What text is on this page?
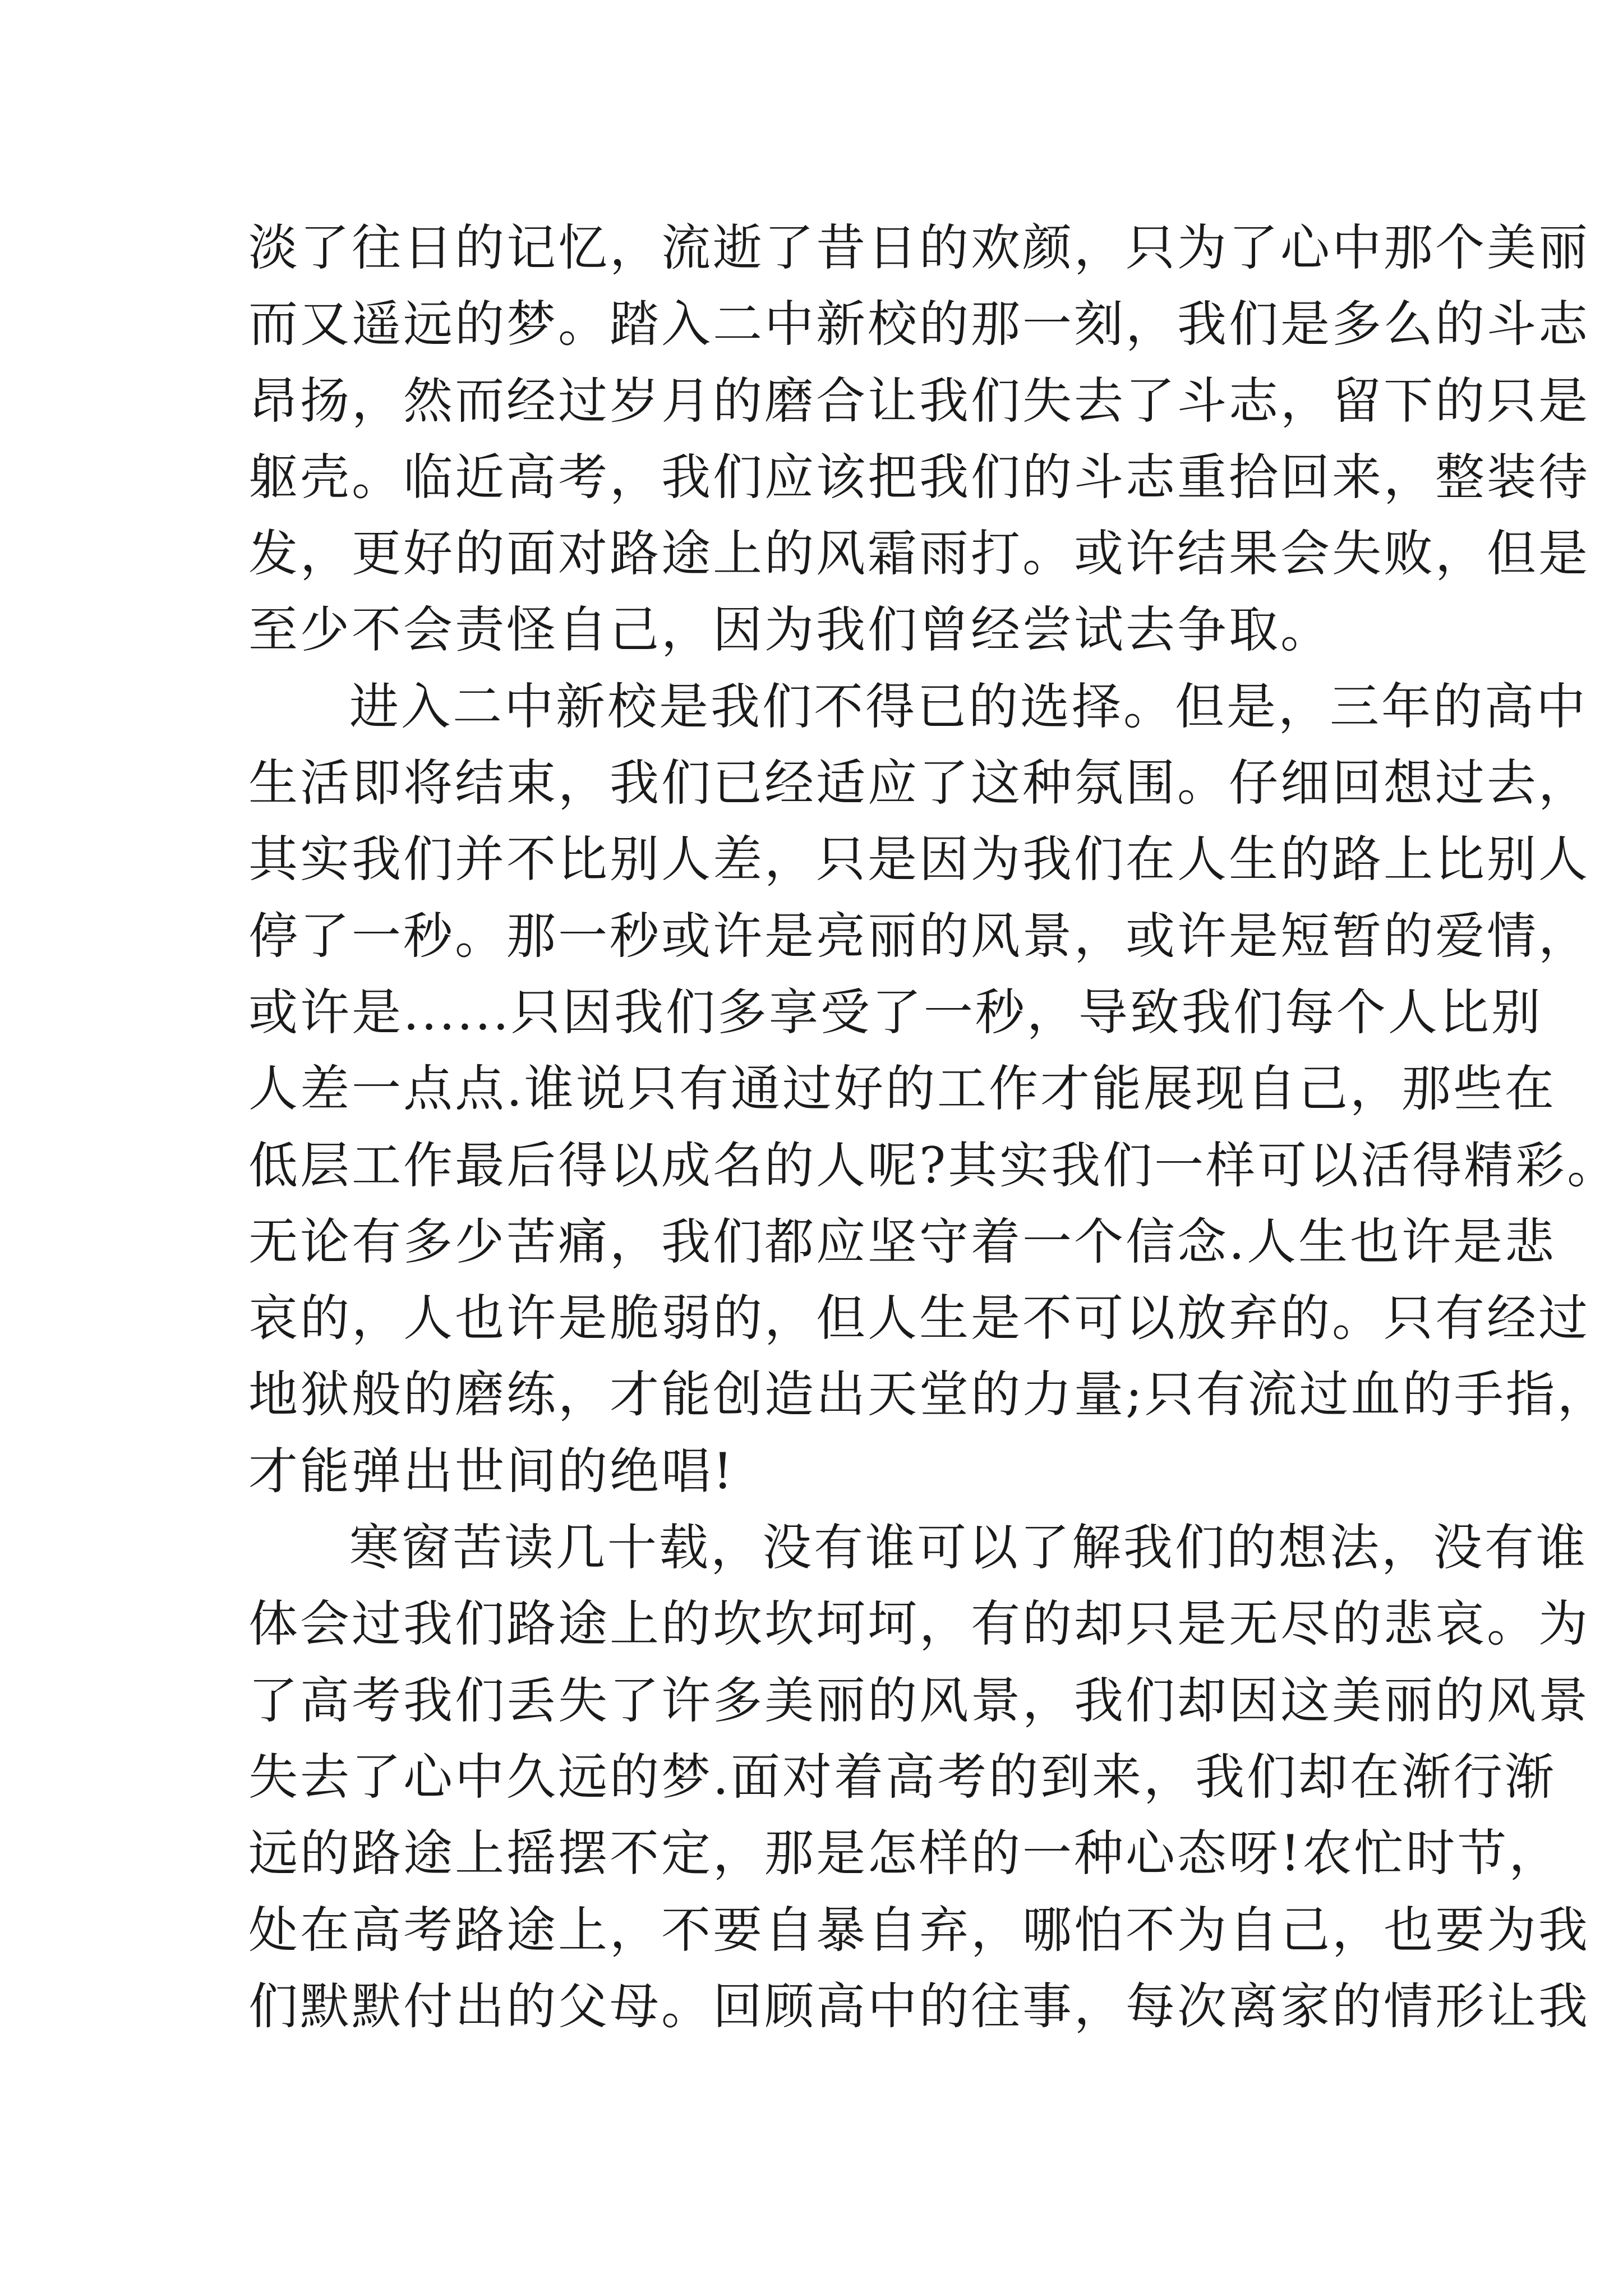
淡了往日的记忆，流逝了昔日的欢颜，只为了心中那个美丽
而又遥远的梦。踏入二中新校的那一刻，我们是多么的斗志
昂扬，然而经过岁月的磨合让我们失去了斗志，留下的只是
躯壳。临近高考，我们应该把我们的斗志重拾回来，整装待
发，更好的面对路途上的风霜雨打。或许结果会失败，但是
至少不会责怪自己，因为我们曾经尝试去争取。
进入二中新校是我们不得已的选择。但是，三年的高中
生活即将结束，我们已经适应了这种氛围。仔细回想过去，
其实我们并不比别人差，只是因为我们在人生的路上比别人
停了一秒。那一秒或许是亮丽的风景，或许是短暂的爱情，
或许是......只因我们多享受了一秒，导致我们每个人比别
人差一点点.谁说只有通过好的工作才能展现自己，那些在
低层工作最后得以成名的人呢?其实我们一样可以活得精彩。
无论有多少苦痛，我们都应坚守着一个信念.人生也许是悲
哀的，人也许是脆弱的，但人生是不可以放弃的。只有经过
地狱般的磨练，才能创造出天堂的力量;只有流过血的手指，
才能弹出世间的绝唱!
寒窗苦读几十载，没有谁可以了解我们的想法，没有谁
体会过我们路途上的坎坎坷坷，有的却只是无尽的悲哀。为
了高考我们丢失了许多美丽的风景，我们却因这美丽的风景
失去了心中久远的梦.面对着高考的到来，我们却在渐行渐
远的路途上摇摆不定，那是怎样的一种心态呀!农忙时节，
处在高考路途上，不要自暴自弃，哪怕不为自己，也要为我
们默默付出的父母。回顾高中的往事，每次离家的情形让我
